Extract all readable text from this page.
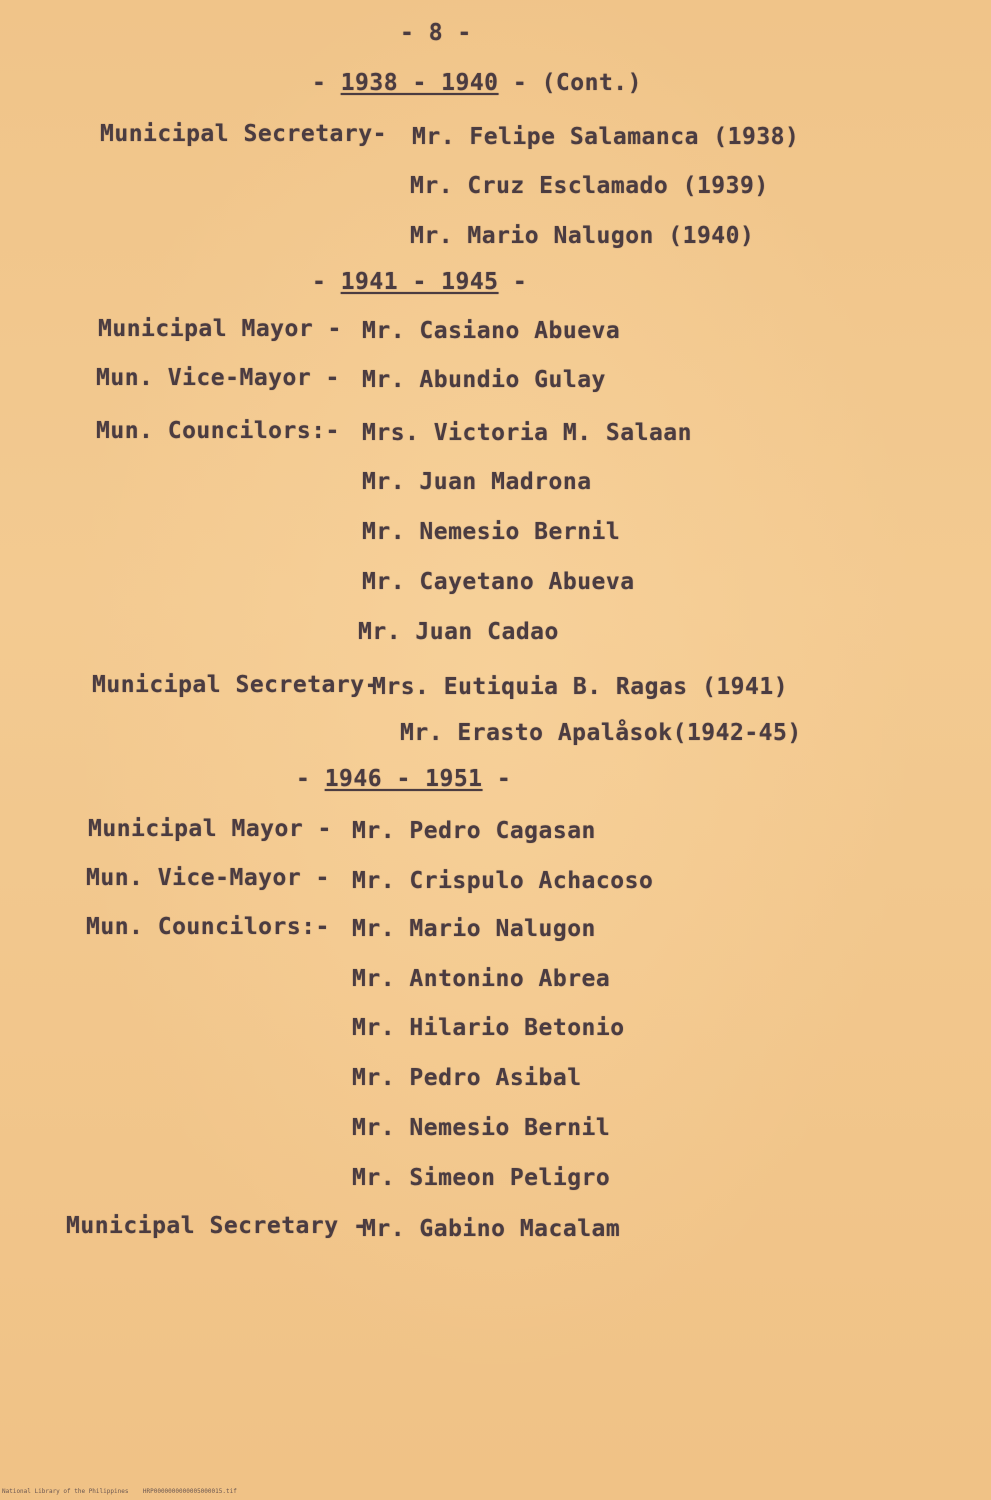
- 8 -
- 1938 - 1940 - (Cont.)
Municipal Secretary- Mr. Felipe Salamanca (1938)
Mr. Cruz Esclamado (1939)
Mr. Mario Nalugon (1940)
- 1941 - 1945 -
Municipal Mayor - Mr. Casiano Abueva
Mun. Vice-Mayor - Mr. Abundio Gulay
Mun. Councilors:- Mrs. Victoria M. Salaan
Mr. Juan Madrona
Mr. Nemesio Bernil
Mr. Cayetano Abueva
Mr. Juan Cadao
Municipal Secretary-
Mrs. Eutiquia B. Ragas (1941)
Mr. Erasto Apalåsok(1942-45)
- 1946 - 1951 -
Municipal Mayor - Mr. Pedro Cagasan
Mun. Vice-Mayor - Mr. Crispulo Achacoso
Mun. Councilors:- Mr. Mario Nalugon
Mr. Antonino Abrea
Mr. Hilario Betonio
Mr. Pedro Asibal
Mr. Nemesio Bernil
Mr. Simeon Peligro
Municipal Secretary -
Mr. Gabino Macalam
National Library of the Philippines    HRP0000000000005000015.tif
